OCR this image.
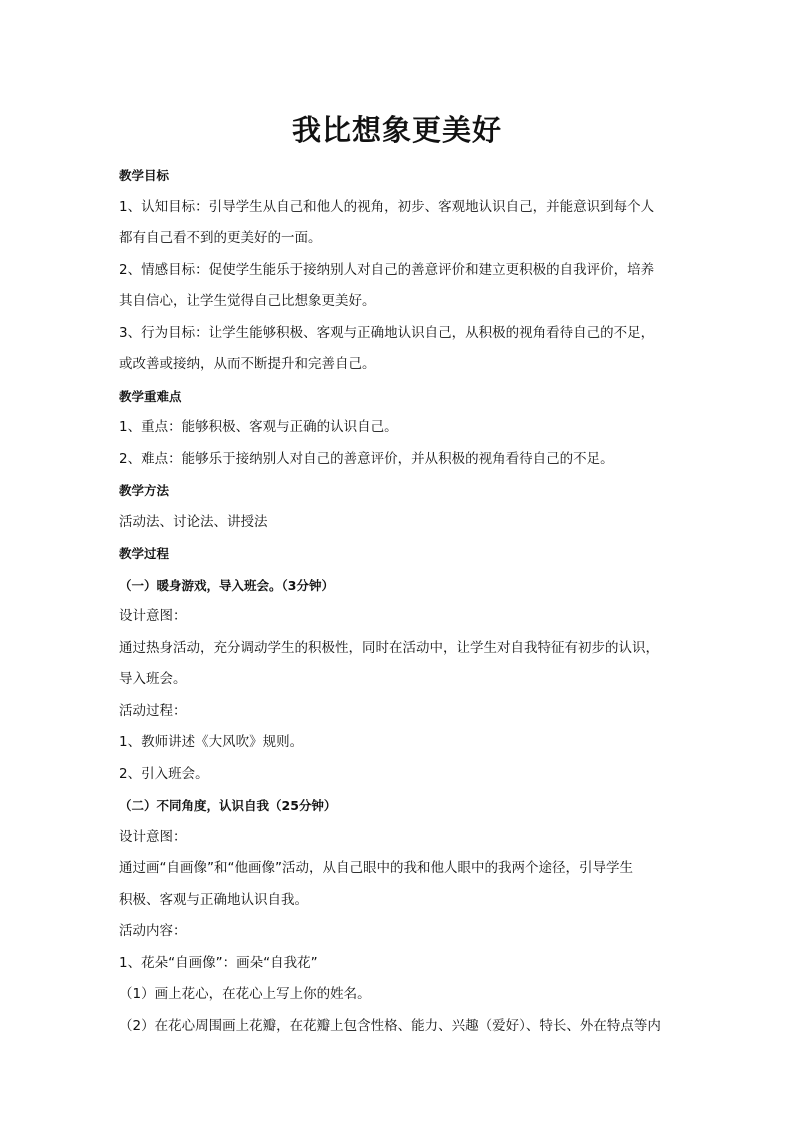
我比想象更美好
教学目标
1、认知目标：引导学生从自己和他人的视角，初步、客观地认识自己，并能意识到每个人
都有自己看不到的更美好的一面。
2、情感目标：促使学生能乐于接纳别人对自己的善意评价和建立更积极的自我评价，培养
其自信心，让学生觉得自己比想象更美好。
3、行为目标：让学生能够积极、客观与正确地认识自己，从积极的视角看待自己的不足，
或改善或接纳，从而不断提升和完善自己。
教学重难点
1、重点：能够积极、客观与正确的认识自己。
2、难点：能够乐于接纳别人对自己的善意评价，并从积极的视角看待自己的不足。
教学方法
活动法、讨论法、讲授法
教学过程
（一）暖身游戏，导入班会。（3分钟）
设计意图：
通过热身活动，充分调动学生的积极性，同时在活动中，让学生对自我特征有初步的认识，
导入班会。
活动过程：
1、教师讲述《大风吹》规则。
2、引入班会。
（二）不同角度，认识自我（25分钟）
设计意图：
通过画“自画像”和“他画像”活动，从自己眼中的我和他人眼中的我两个途径，引导学生
积极、客观与正确地认识自我。
活动内容：
1、花朵“自画像”：画朵“自我花”
（1）画上花心，在花心上写上你的姓名。
（2）在花心周围画上花瓣，在花瓣上包含性格、能力、兴趣（爱好）、特长、外在特点等内
